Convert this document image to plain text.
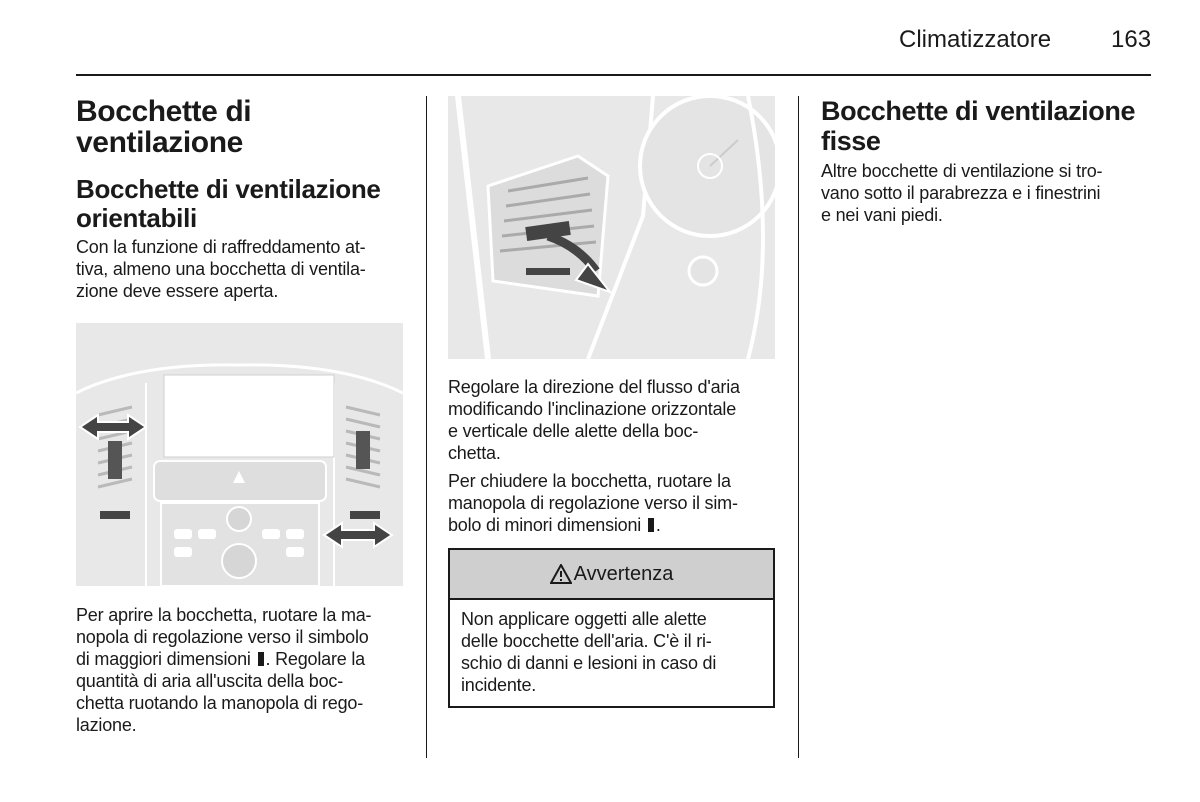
Climatizzatore 163
Bocchette di
ventilazione
Bocchette di ventilazione
orientabili
Con la funzione di raffreddamento at-
tiva, almeno una bocchetta di ventila-
zione deve essere aperta.
Per aprire la bocchetta, ruotare la ma-
nopola di regolazione verso il simbolo
di maggiori dimensioni . Regolare la
quantità di aria all'uscita della boc-
chetta ruotando la manopola di rego-
lazione.
Regolare la direzione del flusso d'aria
modificando l'inclinazione orizzontale
e verticale delle alette della boc-
chetta.
Per chiudere la bocchetta, ruotare la
manopola di regolazione verso il sim-
bolo di minori dimensioni .
Avvertenza
Non applicare oggetti alle alette
delle bocchette dell'aria. C'è il ri-
schio di danni e lesioni in caso di
incidente.
Bocchette di ventilazione
fisse
Altre bocchette di ventilazione si tro-
vano sotto il parabrezza e i finestrini
e nei vani piedi.
